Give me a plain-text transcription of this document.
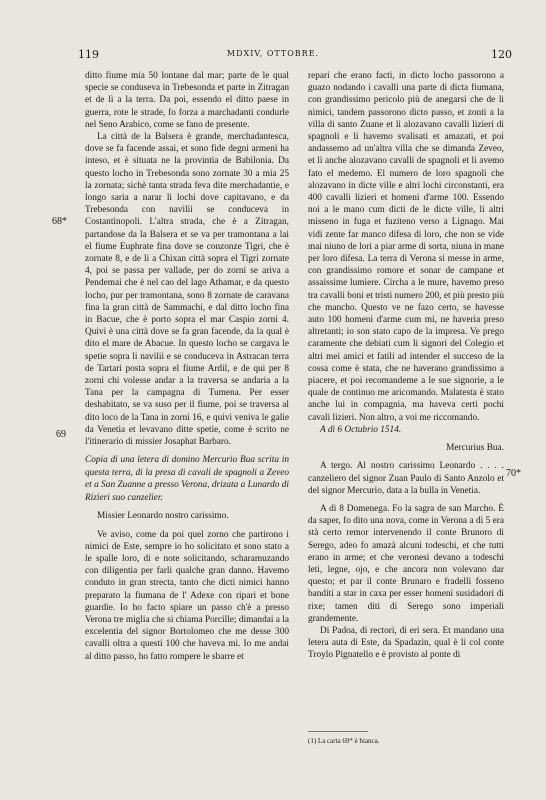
119	MDXIV, OTTOBRE.	120
68*
69
70*

ditto fiume mia 50 lontane dal mar; parte de le qual specie se conduseva in Trebesonda et parte in Zitragan et de lì a la terra. Da poi, essendo el ditto paese in guerra, rote le strade, fo forza a marchadanti condurle nel Seno Arabico, come se fano de presente.

La città de la Balsera è grande, merchadantesca, dove se fa facende assai, et sono fide degni armeni ha inteso, et è situata ne la provintia de Babilonia. Da questo locho in Trebesonda sono zornate 30 a mia 25 la zornata; sichè tanta strada feva dite merchadantie, e longo saria a narar li lochi dove capitavano, e da Trebesonda con navilii se conduceva in Costantinopoli. L'altra strada, che è a Zitragan, partandose da la Balsera et se va per tramontana a lai el fiume Euphrate fina dove se conzonze Tigri, che è zornate 8, e de lì a Chixan città sopra el Tigri zornate 4, poi se passa per vallade, per do zorni se ariva a Pendemai che è nel cao del lago Athamar, e da questo locho, pur per tramontana, sono 8 zornate de caravana fina la gran città de Sammachi, e dal ditto locho fina in Bacue, che è porto sopra el mar Caspio zorni 4. Quivi è una città dove se fa gran facende, da la qual è dito el mare de Abacue. In questo locho se cargava le spetie sopra li navilii e se conduceva in Astracan terra de Tartari posta sopra el fiume Ardil, e de qui per 8 zorni chi volesse andar a la traversa se andaria a la Tana per la campagna di Tumena. Per esser deshabitato, se va suso per il fiume, poi se traversa al dito loco de la Tana in zorni 16, e quivi veniva le galie da Venetia et levavano ditte spetie, come è scrito ne l'itinerario di missier Josaphat Barbaro.

Copia di una letera di domino Mercurio Bua scrita in questa terra, di la presa di cavali de spagnoli a Zeveo et a San Zuanne a presso Verona, drizata a Lunardo di Rizieri suo canzelier.

Missier Leonardo nostro carissimo.

Ve aviso, come da poi quel zorno che partirono i nimici de Este, sempre io ho solicitato et sono stato a le spalle loro, di e note solicitando, scharamuzando con diligentia per farli qualche gran danno. Havemo conduto in gran strecta, tanto che dicti nimici hanno preparato la fiumana de l' Adexe con ripari et bone guardie. Io ho facto spiare un passo ch'è a presso Verona tre miglia che si chiama Porcille; dimandai a la excelentia del signor Bortolomeo che me desse 300 cavalli oltra a questi 100 che haveva mi. Io me andai al ditto passo, ho fatto rompere le sbarre et

repari che erano facti, in dicto locho passorono a guazo nodando i cavalli una parte di dicta fiumana, con grandissimo pericolo più de anegarsi che de li nimici, tandem passorono dicto passo, et zonti a la villa di santo Zuane et li alozavano cavalli lizieri di spagnoli e li havemo svalisati et amazati, et poi andassemo ad un'altra villa che se dimanda Zeveo, et lì anche alozavano cavalli de spagnoli et li avemo fato el medemo. El numero de loro spagnoli che alozavano in dicte ville e altri lochi circonstanti, era 400 cavalli lizieri et homeni d'arme 100. Essendo noi a le mano cum dicti de le dicte ville, li altri misseno in fuga et fuziteno verso a Lignago. Mai vidi zente far manco difesa di loro, che non se vide mai niuno de lori a piar arme di sorta, niuna in mane per loro difesa. La terra di Verona si messe in arme, con grandissimo romore et sonar de campane et assaissime lumiere. Circha a le mure, havemo preso tra cavalli boni et tristi numero 200, et più presto più che mancho. Questo ve ne fazo certo, se havesse auto 100 homeni d'arme cum mi, ne haveria preso altretanti; io son stato capo de la impresa. Ve prego caramente che debiati cum li signori del Colegio et altri mei amici et fatili ad intender el succeso de la cossa come è stata, che ne haverano grandissimo a piacere, et poi recomandeme a le sue signorie, a le quale de continuo me aricomando. Malatesta è stato anche lui in compagnia, ma haveva certi pochi cavali lizieri. Non altro, a voi me riccomando.

A dì 6 Octubrio 1514.

Mercurius Bua.

A tergo. Al nostro carissimo Leonardo . . . . canzeliero del signor Zuan Paulo di Santo Anzolo et del signor Mercurio, data a la bulla in Venetia.

A dì 8 Domenega. Fo la sagra de san Marcho. È da saper, fo dito una nova, come in Verona a dì 5 era stà certo remor intervenendo il conte Brunoro di Serego, adeo fo amazà alcuni todeschi, et che tutti erano in arme; et che veronesi devano a todeschi leti, legne, ojo, e che ancora non volevano dar questo; et par il conte Brunaro e fradelli fosseno banditi a star in caxa per esser homeni susidadori di rixe; tamen diti di Serego sono imperiali grandemente.

Di Padoa, di rectori, di eri sera. Et mandano una letera auta di Este, da Spadazin, qual è li col conte Troylo Pignatello e è provisto al ponte di

(1) La carta 69* è bianca.
